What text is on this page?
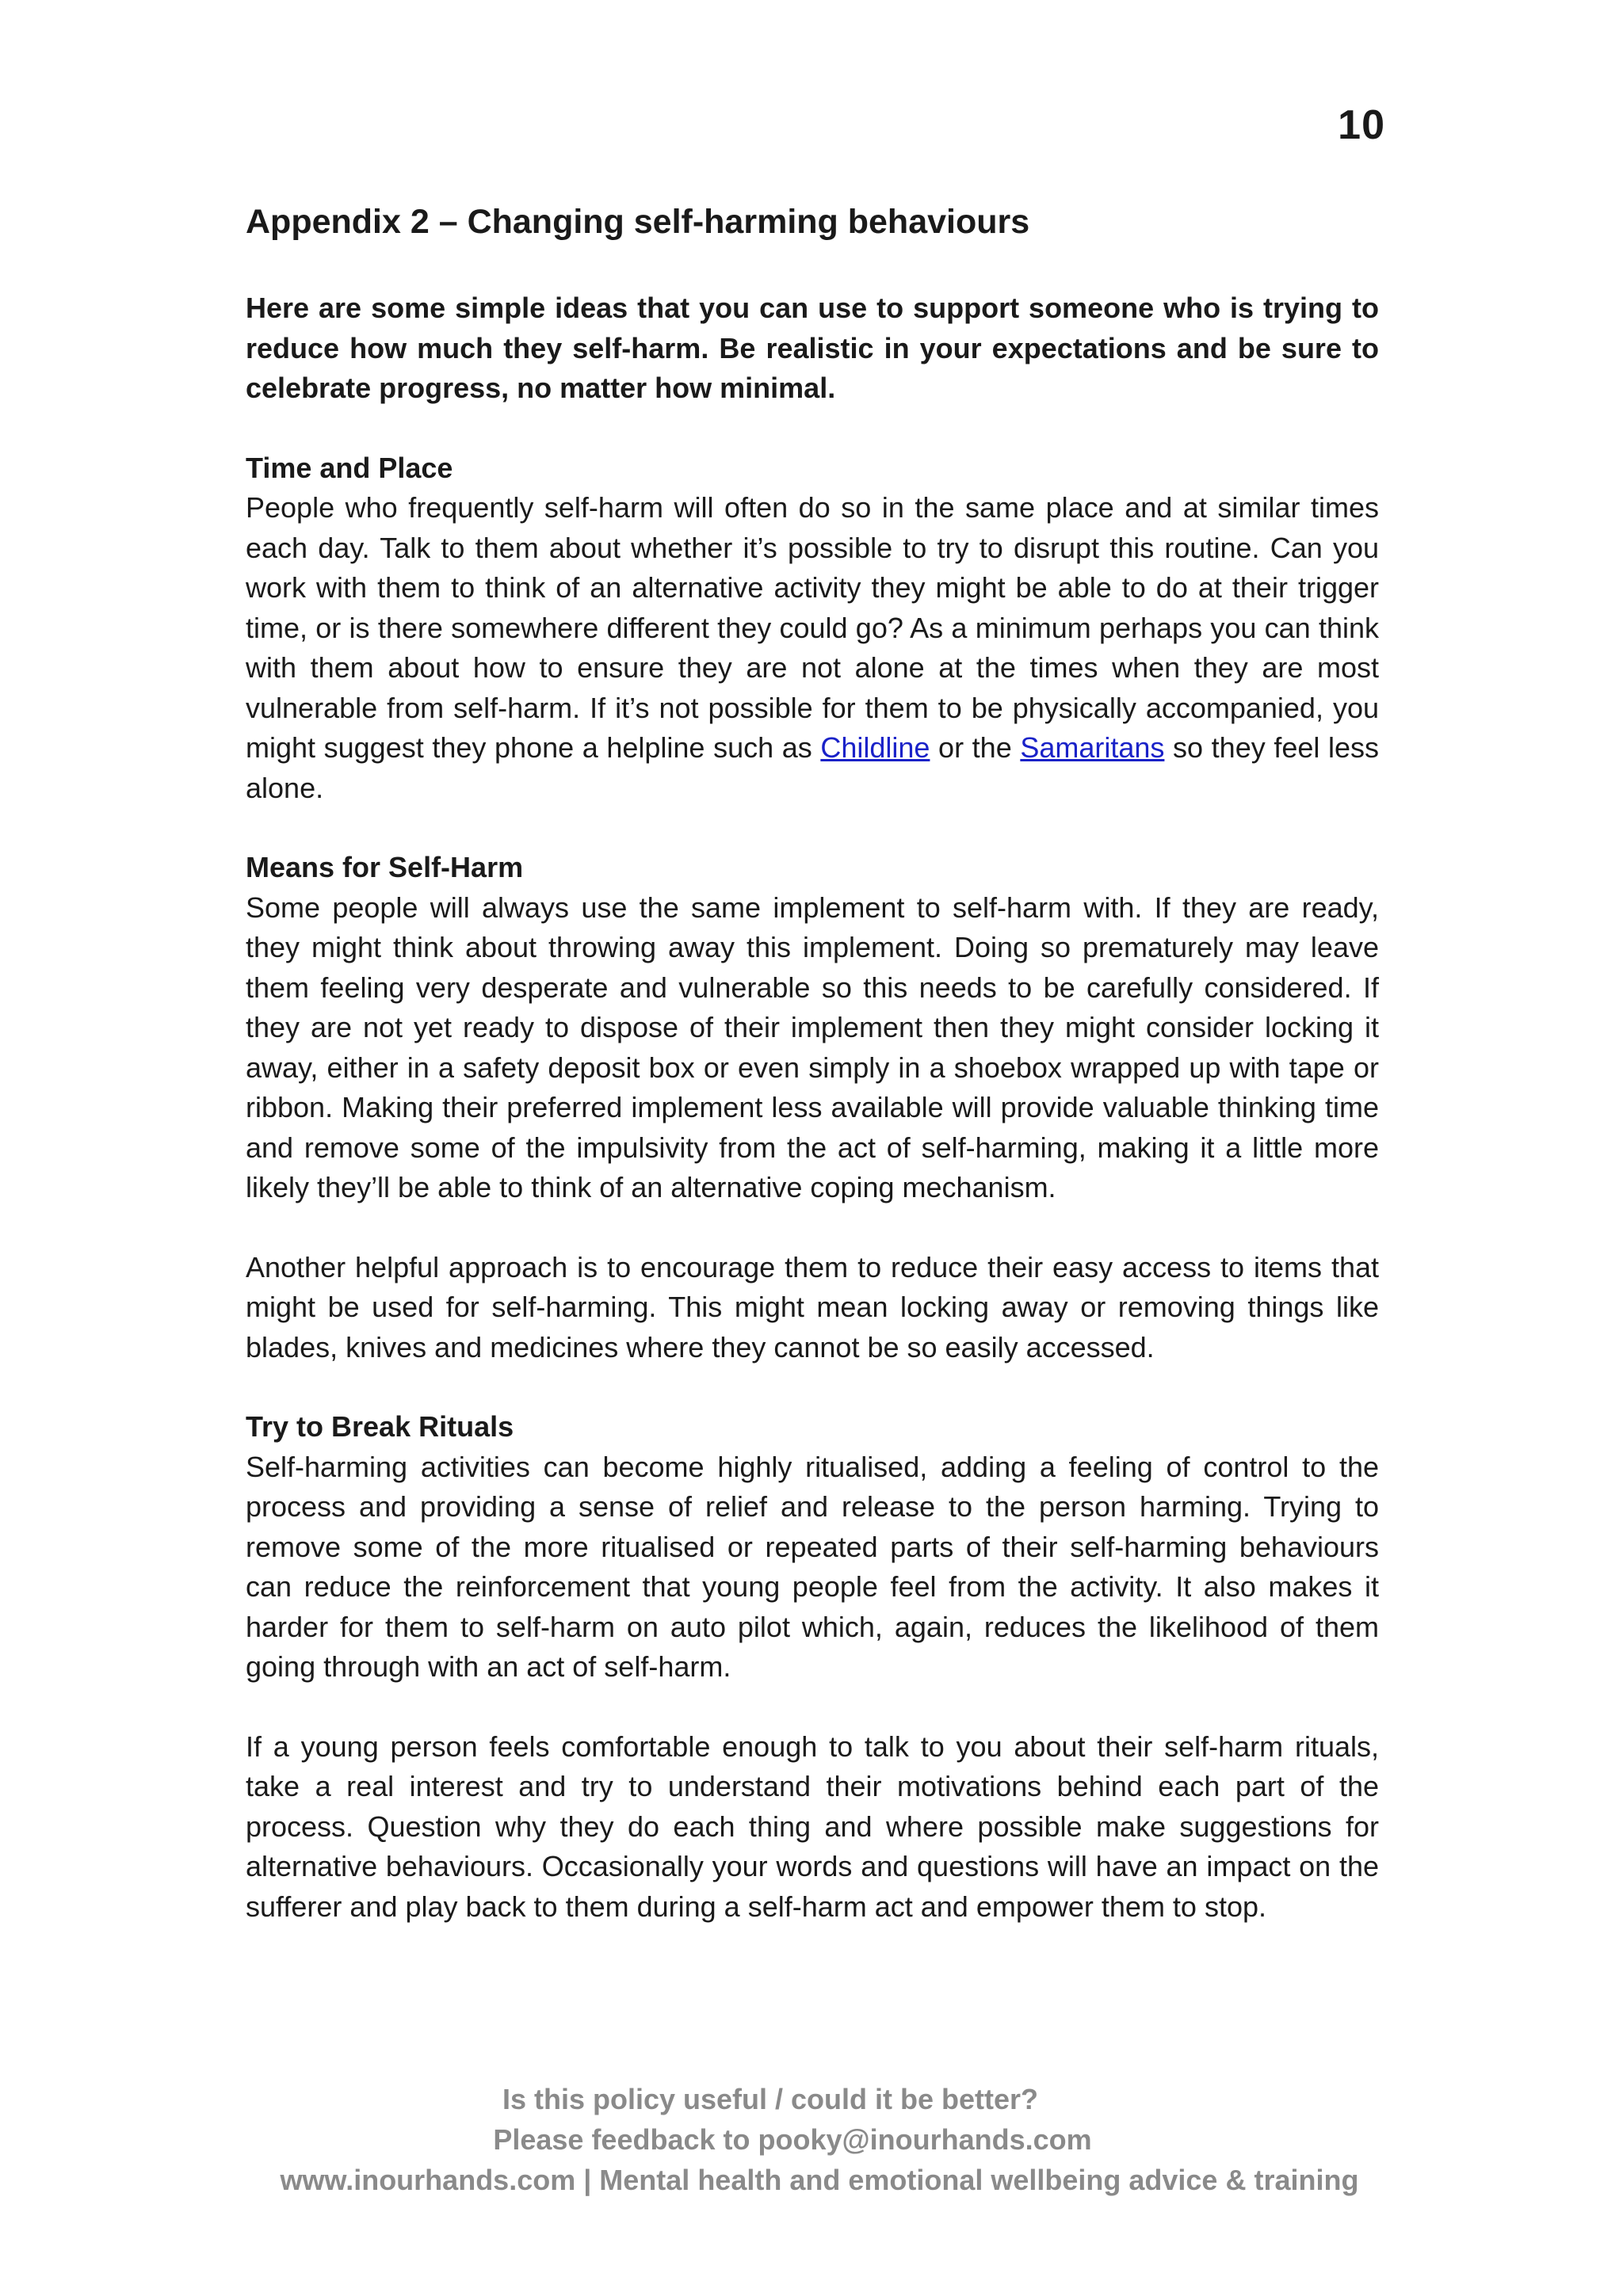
10
Appendix 2 – Changing self-harming behaviours

Here are some simple ideas that you can use to support someone who is trying to reduce how much they self-harm. Be realistic in your expectations and be sure to celebrate progress, no matter how minimal.

Time and Place

People who frequently self-harm will often do so in the same place and at similar times each day. Talk to them about whether it’s possible to try to disrupt this routine. Can you work with them to think of an alternative activity they might be able to do at their trigger time, or is there somewhere different they could go? As a minimum perhaps you can think with them about how to ensure they are not alone at the times when they are most vulnerable from self-harm. If it’s not possible for them to be physically accompanied, you might suggest they phone a helpline such as Childline or the Samaritans so they feel less alone.

Means for Self-Harm

Some people will always use the same implement to self-harm with. If they are ready, they might think about throwing away this implement. Doing so prematurely may leave them feeling very desperate and vulnerable so this needs to be carefully considered. If they are not yet ready to dispose of their implement then they might consider locking it away, either in a safety deposit box or even simply in a shoebox wrapped up with tape or ribbon. Making their preferred implement less available will provide valuable thinking time and remove some of the impulsivity from the act of self-harming, making it a little more likely they’ll be able to think of an alternative coping mechanism.

Another helpful approach is to encourage them to reduce their easy access to items that might be used for self-harming. This might mean locking away or removing things like blades, knives and medicines where they cannot be so easily accessed.

Try to Break Rituals

Self-harming activities can become highly ritualised, adding a feeling of control to the process and providing a sense of relief and release to the person harming. Trying to remove some of the more ritualised or repeated parts of their self-harming behaviours can reduce the reinforcement that young people feel from the activity. It also makes it harder for them to self-harm on auto pilot which, again, reduces the likelihood of them going through with an act of self-harm.

If a young person feels comfortable enough to talk to you about their self-harm rituals, take a real interest and try to understand their motivations behind each part of the process. Question why they do each thing and where possible make suggestions for alternative behaviours. Occasionally your words and questions will have an impact on the sufferer and play back to them during a self-harm act and empower them to stop.

Is this policy useful / could it be better?
Please feedback to pooky@inourhands.com
www.inourhands.com | Mental health and emotional wellbeing advice & training
